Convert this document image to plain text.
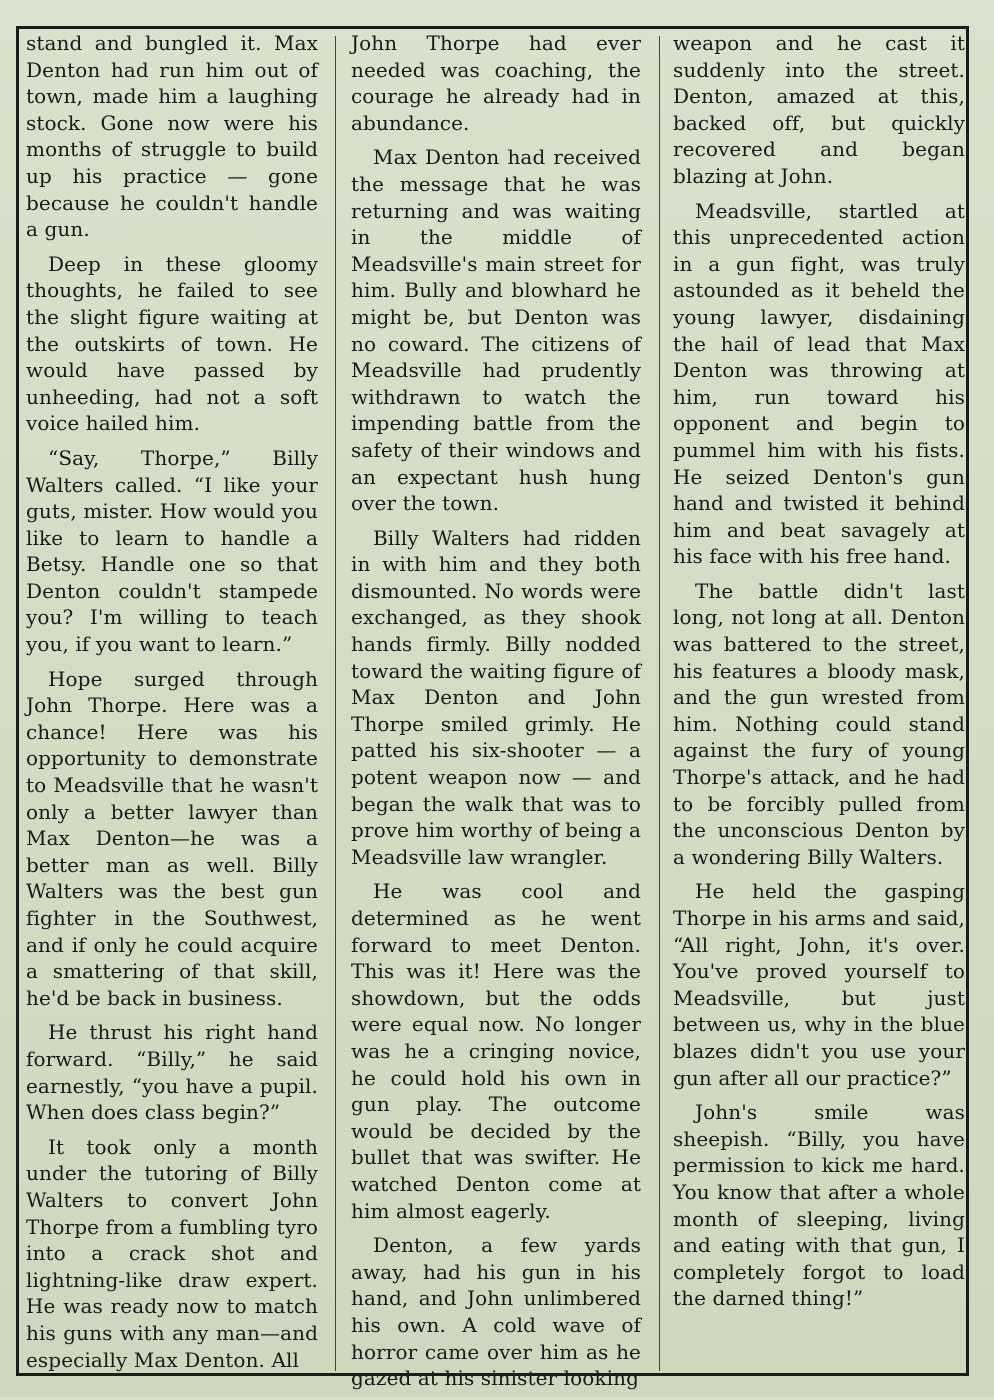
stand and bungled it. Max Denton had run him out of town, made him a laughing stock. Gone now were his months of struggle to build up his practice — gone because he couldn't handle a gun.

Deep in these gloomy thoughts, he failed to see the slight figure waiting at the outskirts of town. He would have passed by unheeding, had not a soft voice hailed him.

“Say, Thorpe,” Billy Walters called. “I like your guts, mister. How would you like to learn to handle a Betsy. Handle one so that Denton couldn't stampede you? I'm willing to teach you, if you want to learn.”

Hope surged through John Thorpe. Here was a chance! Here was his opportunity to demonstrate to Meadsville that he wasn't only a better lawyer than Max Denton—he was a better man as well. Billy Walters was the best gun fighter in the Southwest, and if only he could acquire a smattering of that skill, he'd be back in business.

He thrust his right hand forward. “Billy,” he said earnestly, “you have a pupil. When does class begin?”

It took only a month under the tutoring of Billy Walters to convert John Thorpe from a fumbling tyro into a crack shot and lightning-like draw expert. He was ready now to match his guns with any man—and especially Max Denton. All

John Thorpe had ever needed was coaching, the courage he already had in abundance.

Max Denton had received the message that he was returning and was waiting in the middle of Meadsville's main street for him. Bully and blowhard he might be, but Denton was no coward. The citizens of Meadsville had prudently withdrawn to watch the impending battle from the safety of their windows and an expectant hush hung over the town.

Billy Walters had ridden in with him and they both dismounted. No words were exchanged, as they shook hands firmly. Billy nodded toward the waiting figure of Max Denton and John Thorpe smiled grimly. He patted his six-shooter — a potent weapon now — and began the walk that was to prove him worthy of being a Meadsville law wrangler.

He was cool and determined as he went forward to meet Denton. This was it! Here was the showdown, but the odds were equal now. No longer was he a cringing novice, he could hold his own in gun play. The outcome would be decided by the bullet that was swifter. He watched Denton come at him almost eagerly.

Denton, a few yards away, had his gun in his hand, and John unlimbered his own. A cold wave of horror came over him as he gazed at his sinister looking

weapon and he cast it suddenly into the street. Denton, amazed at this, backed off, but quickly recovered and began blazing at John.

Meadsville, startled at this unprecedented action in a gun fight, was truly astounded as it beheld the young lawyer, disdaining the hail of lead that Max Denton was throwing at him, run toward his opponent and begin to pummel him with his fists. He seized Denton's gun hand and twisted it behind him and beat savagely at his face with his free hand.

The battle didn't last long, not long at all. Denton was battered to the street, his features a bloody mask, and the gun wrested from him. Nothing could stand against the fury of young Thorpe's attack, and he had to be forcibly pulled from the unconscious Denton by a wondering Billy Walters.

He held the gasping Thorpe in his arms and said, “All right, John, it's over. You've proved yourself to Meadsville, but just between us, why in the blue blazes didn't you use your gun after all our practice?”

John's smile was sheepish. “Billy, you have permission to kick me hard. You know that after a whole month of sleeping, living and eating with that gun, I completely forgot to load the darned thing!”
